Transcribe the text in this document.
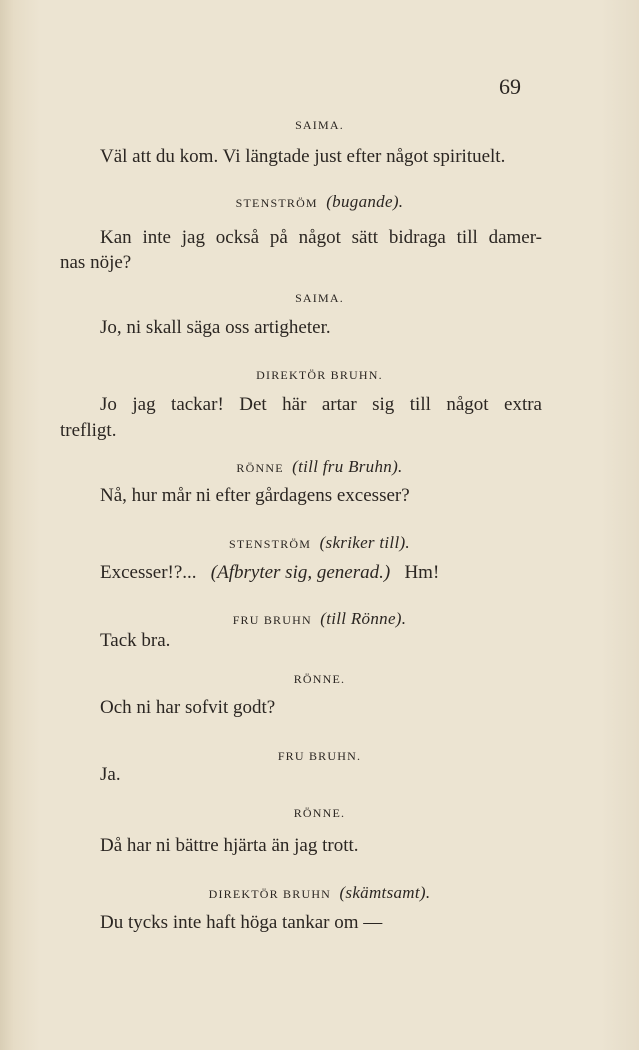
69
SAIMA.
Väl att du kom. Vi längtade just efter något spirituelt.
STENSTRÖM (bugande).
Kan inte jag också på något sätt bidraga till damer-
nas nöje?
SAIMA.
Jo, ni skall säga oss artigheter.
DIREKTÖR BRUHN.
Jo jag tackar! Det här artar sig till något extra
trefligt.
RÖNNE (till fru Bruhn).
Nå, hur mår ni efter gårdagens excesser?
STENSTRÖM (skriker till).
Excesser!?... (Afbryter sig, generad.) Hm!
FRU BRUHN (till Rönne).
Tack bra.
RÖNNE.
Och ni har sofvit godt?
FRU BRUHN.
Ja.
RÖNNE.
Då har ni bättre hjärta än jag trott.
DIREKTÖR BRUHN (skämtsamt).
Du tycks inte haft höga tankar om —
